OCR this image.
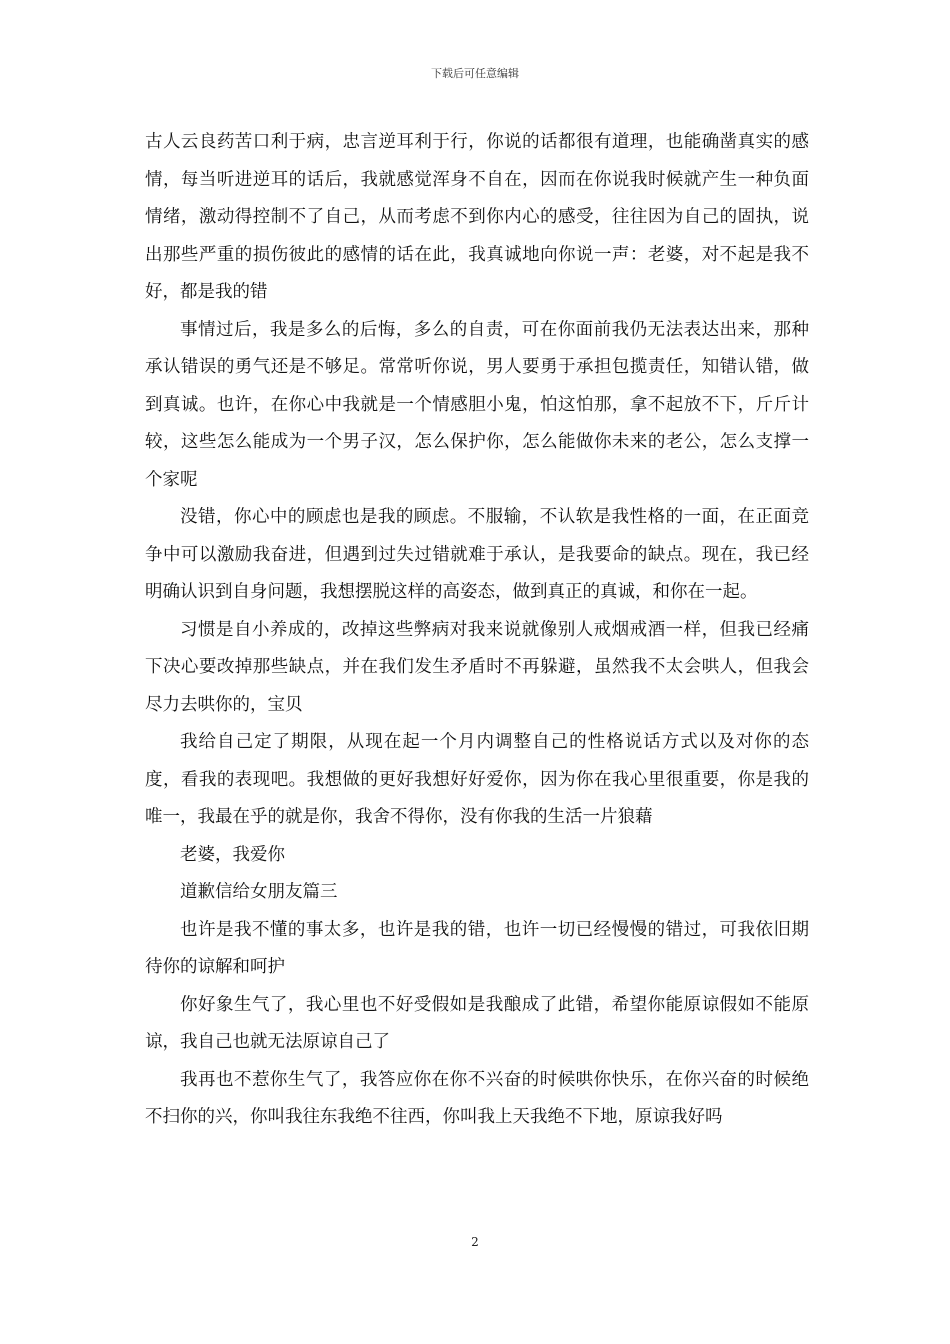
下载后可任意编辑

古人云良药苦口利于病，忠言逆耳利于行，你说的话都很有道理，也能确凿真实的感情，每当听进逆耳的话后，我就感觉浑身不自在，因而在你说我时候就产生一种负面情绪，激动得控制不了自己，从而考虑不到你内心的感受，往往因为自己的固执，说出那些严重的损伤彼此的感情的话在此，我真诚地向你说一声：老婆，对不起是我不好，都是我的错

事情过后，我是多么的后悔，多么的自责，可在你面前我仍无法表达出来，那种承认错误的勇气还是不够足。常常听你说，男人要勇于承担包揽责任，知错认错，做到真诚。也许，在你心中我就是一个情感胆小鬼，怕这怕那，拿不起放不下，斤斤计较，这些怎么能成为一个男子汉，怎么保护你，怎么能做你未来的老公，怎么支撑一个家呢

没错，你心中的顾虑也是我的顾虑。不服输，不认软是我性格的一面，在正面竞争中可以激励我奋进，但遇到过失过错就难于承认，是我要命的缺点。现在，我已经明确认识到自身问题，我想摆脱这样的高姿态，做到真正的真诚，和你在一起。

习惯是自小养成的，改掉这些弊病对我来说就像别人戒烟戒酒一样，但我已经痛下决心要改掉那些缺点，并在我们发生矛盾时不再躲避，虽然我不太会哄人，但我会尽力去哄你的，宝贝

我给自己定了期限，从现在起一个月内调整自己的性格说话方式以及对你的态度，看我的表现吧。我想做的更好我想好好爱你，因为你在我心里很重要，你是我的唯一，我最在乎的就是你，我舍不得你，没有你我的生活一片狼藉

老婆，我爱你

道歉信给女朋友篇三

也许是我不懂的事太多，也许是我的错，也许一切已经慢慢的错过，可我依旧期待你的谅解和呵护

你好象生气了，我心里也不好受假如是我酿成了此错，希望你能原谅假如不能原谅，我自己也就无法原谅自己了

我再也不惹你生气了，我答应你在你不兴奋的时候哄你快乐，在你兴奋的时候绝不扫你的兴，你叫我往东我绝不往西，你叫我上天我绝不下地，原谅我好吗

2
